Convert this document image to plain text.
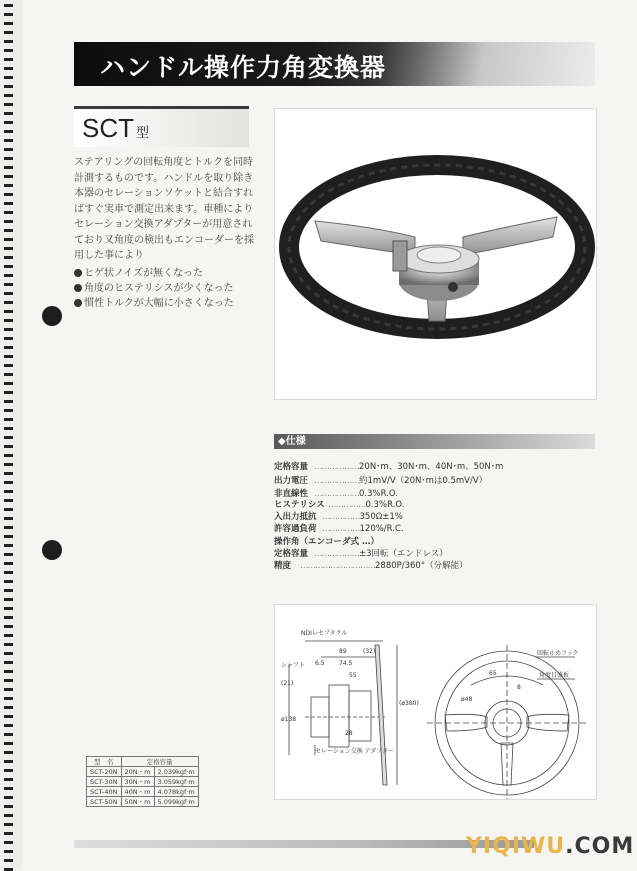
ハンドル操作力角変換器
SCT 型
ステアリングの回転角度とトルクを同時
計測するものです。ハンドルを取り除き
本器のセレーションソケットと結合すれ
ばすぐ実車で測定出来ます。車種により
セレーション交換アダプターが用意され
ており又角度の検出もエンコーダーを採
用した事により
ヒゲ状ノイズが無くなった
角度のヒステリシスが少くなった
慣性トルクが大幅に小さくなった
◆仕様
定格容量 ………………20N･m、30N･m、40N･m、50N･m
出力電圧 ………………約1mV/V（20N･mは0.5mV/V）
非直線性 ………………0.3%R.O.
ヒステリシス ……………0.3%R.O.
入出力抵抗 ……………350Ω±1%
許容過負荷 ……………120%/R.C.
操作角（エンコーダ式 …）
定格容量 ………………±3回転（エンドレス）
精度 …………………………2880P/360°（分解能）
NDIレセプタクル
シャフト
89	(32)
6.5 74.5
55
(21)
ø138
(ø380)
28
セレーション交換 アダプター
回転止めフック
角度目盛板
65
8
ø48
型　名	定格容量	
SCT-20N	20N・m	2.039kgf·m
SCT-30N	30N・m	3.059kgf·m
SCT-40N	40N・m	4.078kgf·m
SCT-50N	50N・m	5.099kgf·m
YIQIWU.COM
